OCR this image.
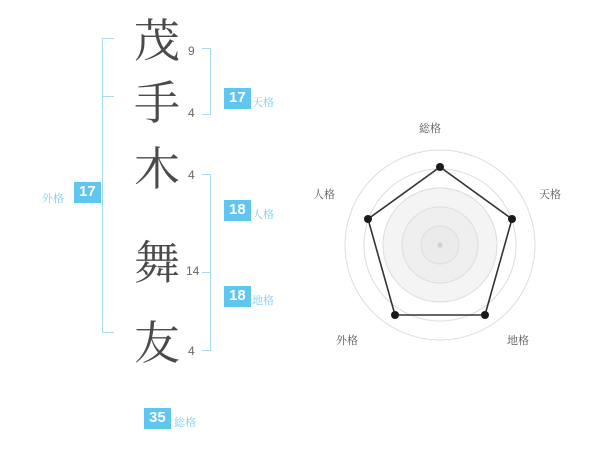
茂
手
木
舞
友
9
4
4
14
4
17 天格
18 人格
18 地格
外格	17
35 総格
総格
天格
地格
外格
人格
